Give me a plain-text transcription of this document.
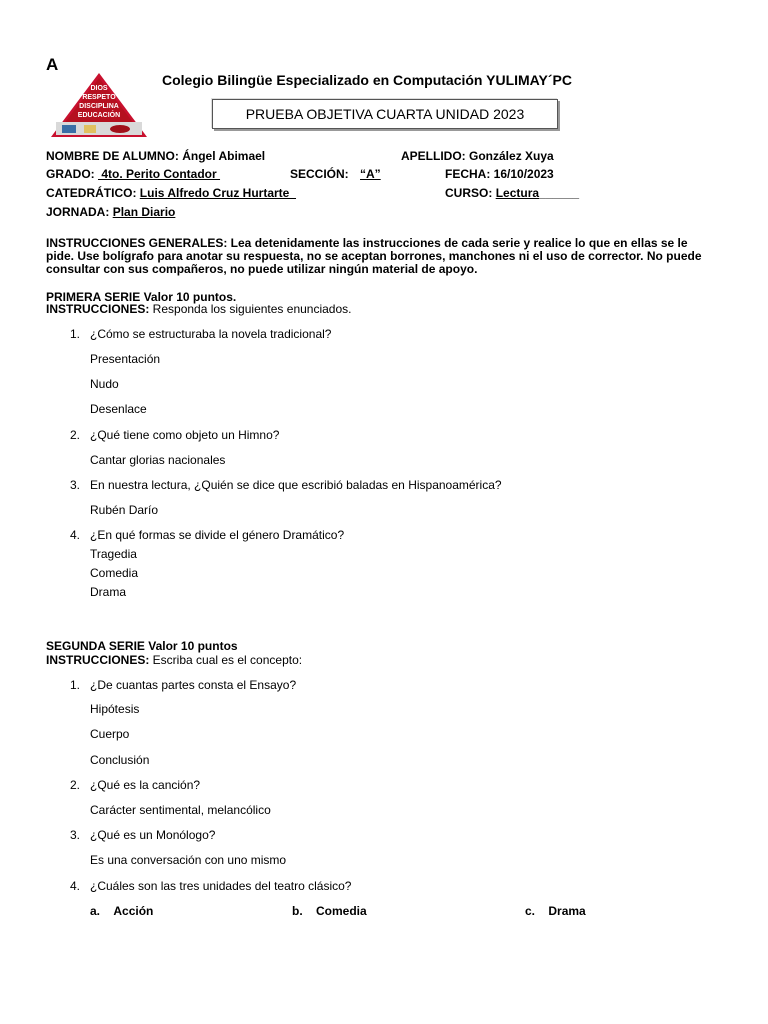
A
DIOS
RESPETO
DISCIPLINA
EDUCACIÓN
Colegio Bilingüe Especializado en Computación YULIMAY´PC
PRUEBA OBJETIVA CUARTA UNIDAD 2023
NOMBRE DE ALUMNO: Ángel Abimael	APELLIDO: González Xuya
GRADO:  4to. Perito Contador	SECCIÓN: “A”	FECHA: 16/10/2023
CATEDRÁTICO: Luis Alfredo Cruz Hurtarte	CURSO: Lectura______
JORNADA: Plan Diario
INSTRUCCIONES GENERALES: Lea detenidamente las instrucciones de cada serie y realice lo que en ellas se le
pide. Use bolígrafo para anotar su respuesta, no se aceptan borrones, manchones ni el uso de corrector. No puede
consultar con sus compañeros, no puede utilizar ningún material de apoyo.
PRIMERA SERIE Valor 10 puntos.
INSTRUCCIONES: Responda los siguientes enunciados.
1. ¿Cómo se estructuraba la novela tradicional?
Presentación
Nudo
Desenlace
2. ¿Qué tiene como objeto un Himno?
Cantar glorias nacionales
3. En nuestra lectura, ¿Quién se dice que escribió baladas en Hispanoamérica?
Rubén Darío
4. ¿En qué formas se divide el género Dramático?
Tragedia
Comedia
Drama
SEGUNDA SERIE Valor 10 puntos
INSTRUCCIONES: Escriba cual es el concepto:
1. ¿De cuantas partes consta el Ensayo?
Hipótesis
Cuerpo
Conclusión
2. ¿Qué es la canción?
Carácter sentimental, melancólico
3. ¿Qué es un Monólogo?
Es una conversación con uno mismo
4. ¿Cuáles son las tres unidades del teatro clásico?
a. Acción	b. Comedia	c. Drama
